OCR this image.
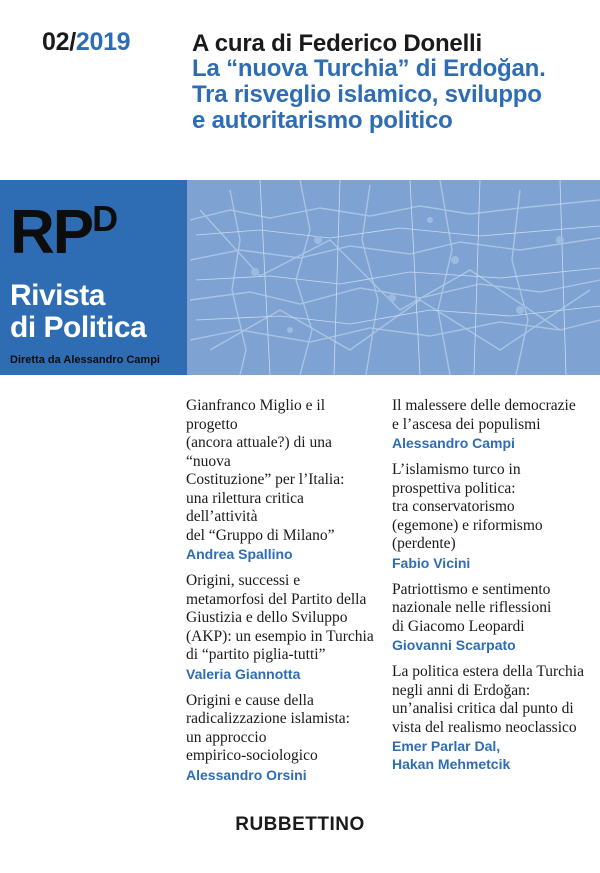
02/2019	A cura di Federico Donelli
La “nuova Turchia” di Erdoğan.
Tra risveglio islamico, sviluppo
e autoritarismo politico
$RP^D$
Rivista
di Politica
Diretta da Alessandro Campi
Gianfranco Miglio e il progetto
(ancora attuale?) di una “nuova
Costituzione” per l’Italia:
una rilettura critica dell’attività
del “Gruppo di Milano”
Andrea Spallino
Origini, successi e
metamorfosi del Partito della
Giustizia e dello Sviluppo
(AKP): un esempio in Turchia
di “partito piglia-tutti”
Valeria Giannotta
Origini e cause della
radicalizzazione islamista:
un approccio
empirico-sociologico
Alessandro Orsini
Il malessere delle democrazie
e l’ascesa dei populismi
Alessandro Campi
L’islamismo turco in
prospettiva politica:
tra conservatorismo
(egemone) e riformismo
(perdente)
Fabio Vicini
Patriottismo e sentimento
nazionale nelle riflessioni
di Giacomo Leopardi
Giovanni Scarpato
La politica estera della Turchia
negli anni di Erdoğan:
un’analisi critica dal punto di
vista del realismo neoclassico
Emer Parlar Dal,
Hakan Mehmetcik
RUBBETTINO
